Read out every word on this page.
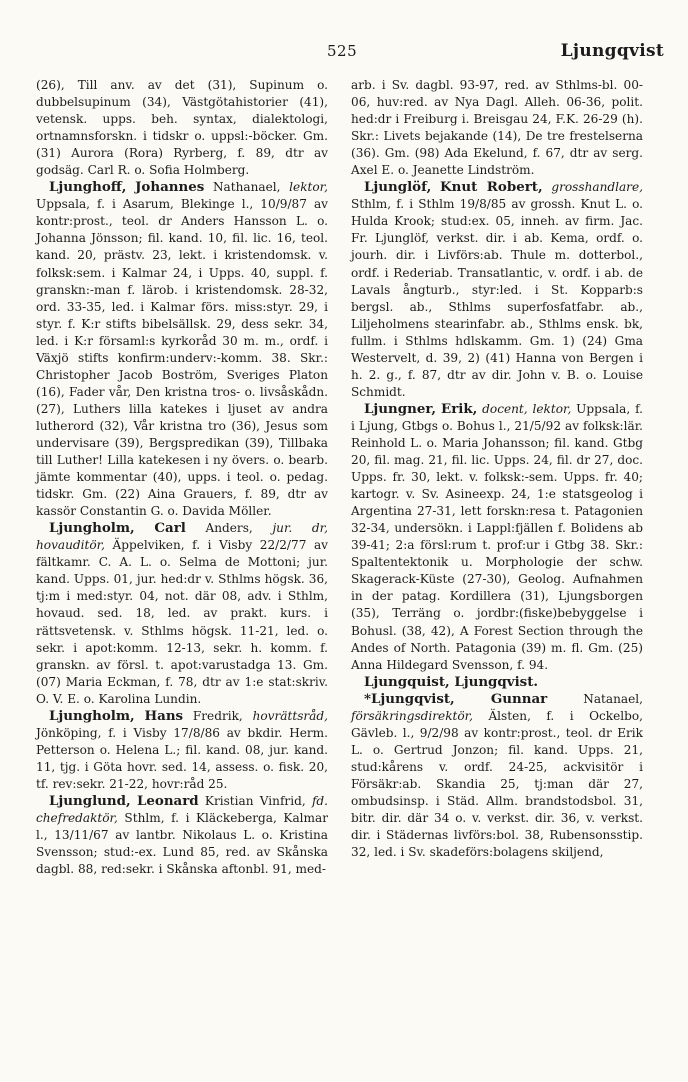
525	Ljungqvist

(26), Till anv. av det (31), Supinum o. dubbelsupinum (34), Västgötahistorier (41), vetensk. upps. beh. syntax, dialektologi, ortnamnsforskn. i tidskr o. uppsl:-böcker. Gm. (31) Aurora (Rora) Ryrberg, f. 89, dtr av godsäg. Carl R. o. Sofia Holmberg.

Ljunghoff, Johannes Nathanael, lektor, Uppsala, f. i Asarum, Blekinge l., 10/9/87 av kontr:prost., teol. dr Anders Hansson L. o. Johanna Jönsson; fil. kand. 10, fil. lic. 16, teol. kand. 20, prästv. 23, lekt. i kristendomsk. v. folksk:sem. i Kalmar 24, i Upps. 40, suppl. f. granskn:-man f. lärob. i kristendomsk. 28-32, ord. 33-35, led. i Kalmar förs. miss:styr. 29, i styr. f. K:r stifts bibelsällsk. 29, dess sekr. 34, led. i K:r församl:s kyrkoråd 30 m. m., ordf. i Växjö stifts konfirm:underv:-komm. 38. Skr.: Christopher Jacob Boström, Sveriges Platon (16), Fader vår, Den kristna tros- o. livsåskådn. (27), Luthers lilla katekes i ljuset av andra lutherord (32), Vår kristna tro (36), Jesus som undervisare (39), Bergspredikan (39), Tillbaka till Luther! Lilla katekesen i ny övers. o. bearb. jämte kommentar (40), upps. i teol. o. pedag. tidskr. Gm. (22) Aina Grauers, f. 89, dtr av kassör Constantin G. o. Davida Möller.

Ljungholm, Carl Anders, jur. dr, hovauditör, Äppelviken, f. i Visby 22/2/77 av fältkamr. C. A. L. o. Selma de Mottoni; jur. kand. Upps. 01, jur. hed:dr v. Sthlms högsk. 36, tj:m i med:styr. 04, not. där 08, adv. i Sthlm, hovaud. sed. 18, led. av prakt. kurs. i rättsvetensk. v. Sthlms högsk. 11-21, led. o. sekr. i apot:komm. 12-13, sekr. h. komm. f. granskn. av försl. t. apot:varustadga 13. Gm. (07) Maria Eckman, f. 78, dtr av 1:e stat:skriv. O. V. E. o. Karolina Lundin.

Ljungholm, Hans Fredrik, hovrättsråd, Jönköping, f. i Visby 17/8/86 av bkdir. Herm. Petterson o. Helena L.; fil. kand. 08, jur. kand. 11, tjg. i Göta hovr. sed. 14, assess. o. fisk. 20, tf. rev:sekr. 21-22, hovr:råd 25.

Ljunglund, Leonard Kristian Vinfrid, fd. chefredaktör, Sthlm, f. i Kläckeberga, Kalmar l., 13/11/67 av lantbr. Nikolaus L. o. Kristina Svensson; stud:-ex. Lund 85, red. av Skånska dagbl. 88, red:sekr. i Skånska aftonbl. 91, med-

arb. i Sv. dagbl. 93-97, red. av Sthlms-bl. 00-06, huv:red. av Nya Dagl. Alleh. 06-36, polit. hed:dr i Freiburg i. Breisgau 24, F.K. 26-29 (h). Skr.: Livets bejakande (14), De tre frestelserna (36). Gm. (98) Ada Ekelund, f. 67, dtr av serg. Axel E. o. Jeanette Lindström.

Ljunglöf, Knut Robert, grosshandlare, Sthlm, f. i Sthlm 19/8/85 av grossh. Knut L. o. Hulda Krook; stud:ex. 05, inneh. av firm. Jac. Fr. Ljunglöf, verkst. dir. i ab. Kema, ordf. o. jourh. dir. i Livförs:ab. Thule m. dotterbol., ordf. i Rederiab. Transatlantic, v. ordf. i ab. de Lavals ångturb., styr:led. i St. Kopparb:s bergsl. ab., Sthlms superfosfatfabr. ab., Liljeholmens stearinfabr. ab., Sthlms ensk. bk, fullm. i Sthlms hdlskamm. Gm. 1) (24) Gma Westervelt, d. 39, 2) (41) Hanna von Bergen i h. 2. g., f. 87, dtr av dir. John v. B. o. Louise Schmidt.

Ljungner, Erik, docent, lektor, Uppsala, f. i Ljung, Gtbgs o. Bohus l., 21/5/92 av folksk:lär. Reinhold L. o. Maria Johansson; fil. kand. Gtbg 20, fil. mag. 21, fil. lic. Upps. 24, fil. dr 27, doc. Upps. fr. 30, lekt. v. folksk:-sem. Upps. fr. 40; kartogr. v. Sv. Asineexp. 24, 1:e statsgeolog i Argentina 27-31, lett forskn:resa t. Patagonien 32-34, undersökn. i Lappl:fjällen f. Bolidens ab 39-41; 2:a försl:rum t. prof:ur i Gtbg 38. Skr.: Spaltentektonik u. Morphologie der schw. Skagerack-Küste (27-30), Geolog. Aufnahmen in der patag. Kordillera (31), Ljungsborgen (35), Terräng o. jordbr:(fiske)bebyggelse i Bohusl. (38, 42), A Forest Section through the Andes of North. Patagonia (39) m. fl. Gm. (25) Anna Hildegard Svensson, f. 94.

Ljungquist, Ljungqvist.

*Ljungqvist,	Gunnar Natanael, försäkringsdirektör, Älsten, f. i Ockelbo, Gävleb. l., 9/2/98 av kontr:prost., teol. dr Erik L. o. Gertrud Jonzon; fil. kand. Upps. 21, stud:kårens v. ordf. 24-25, ackvisitör i Försäkr:ab. Skandia 25, tj:man där 27, ombudsinsp. i Städ. Allm. brandstodsbol. 31, bitr. dir. där 34 o. v. verkst. dir. 36, v. verkst. dir. i Städernas livförs:bol. 38, Rubensonsstip. 32, led. i Sv. skadeförs:bolagens skiljend,
